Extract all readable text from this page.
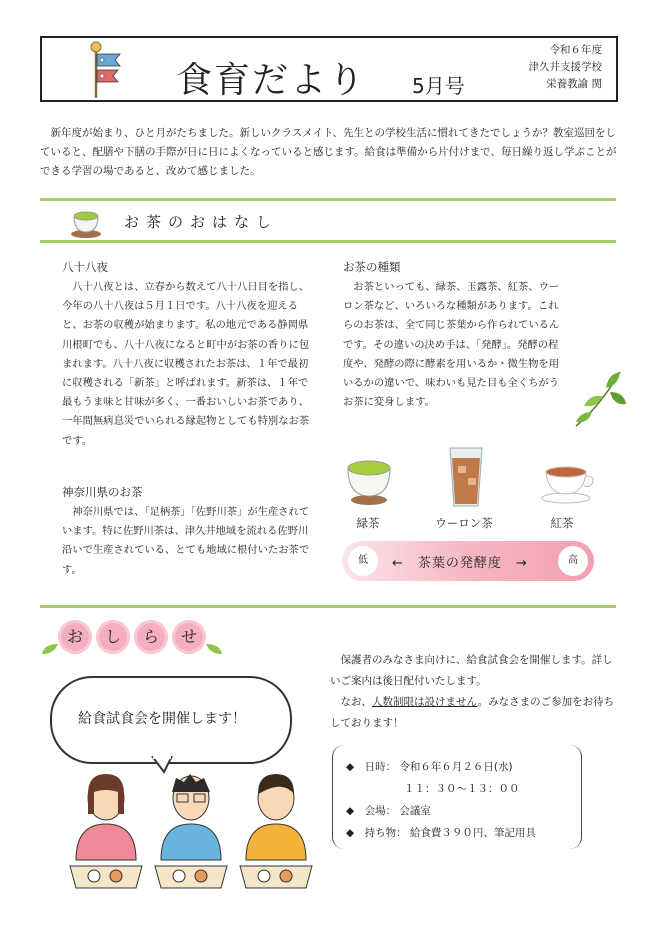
食育だより 5月号
令和６年度
津久井支援学校
栄養教諭 関
新年度が始まり、ひと月がたちました。新しいクラスメイト、先生との学校生活に慣れてきたでしょうか？教室巡回をしていると、配膳や下膳の手際が日に日によくなっていると感じます。給食は準備から片付けまで、毎日繰り返し学ぶことができる学習の場であると、改めて感じました。
お茶のおはなし
八十八夜
八十八夜とは、立春から数えて八十八日目を指し、今年の八十八夜は５月１日です。八十八夜を迎えると、お茶の収穫が始まります。私の地元である静岡県川根町でも、八十八夜になると町中がお茶の香りに包まれます。八十八夜に収穫されたお茶は、１年で最初に収穫される「新茶」と呼ばれます。新茶は、１年で最もうま味と甘味が多く、一番おいしいお茶であり、一年間無病息災でいられる縁起物としても特別なお茶です。
神奈川県のお茶
神奈川県では、「足柄茶」「佐野川茶」が生産されています。特に佐野川茶は、津久井地域を流れる佐野川沿いで生産されている、とても地域に根付いたお茶です。
お茶の種類
お茶といっても、緑茶、玉露茶、紅茶、ウーロン茶など、いろいろな種類があります。これらのお茶は、全て同じ茶葉から作られているんです。その違いの決め手は、「発酵」。発酵の程度や、発酵の際に酵素を用いるか・微生物を用いるかの違いで、味わいも見た目も全くちがうお茶に変身します。
緑茶	ウーロン茶	紅茶
低	←　茶葉の発酵度　→	高
お	し	ら	せ
給食試食会を開催します！
保護者のみなさま向けに、給食試食会を開催します。詳しいご案内は後日配付いたします。
なお、人数制限は設けません。みなさまのご参加をお待ちしております！
◆　日時： 令和６年６月２６日(水)
１１：３０～１３：００
◆　会場： 会議室
◆　持ち物： 給食費３９０円、筆記用具
